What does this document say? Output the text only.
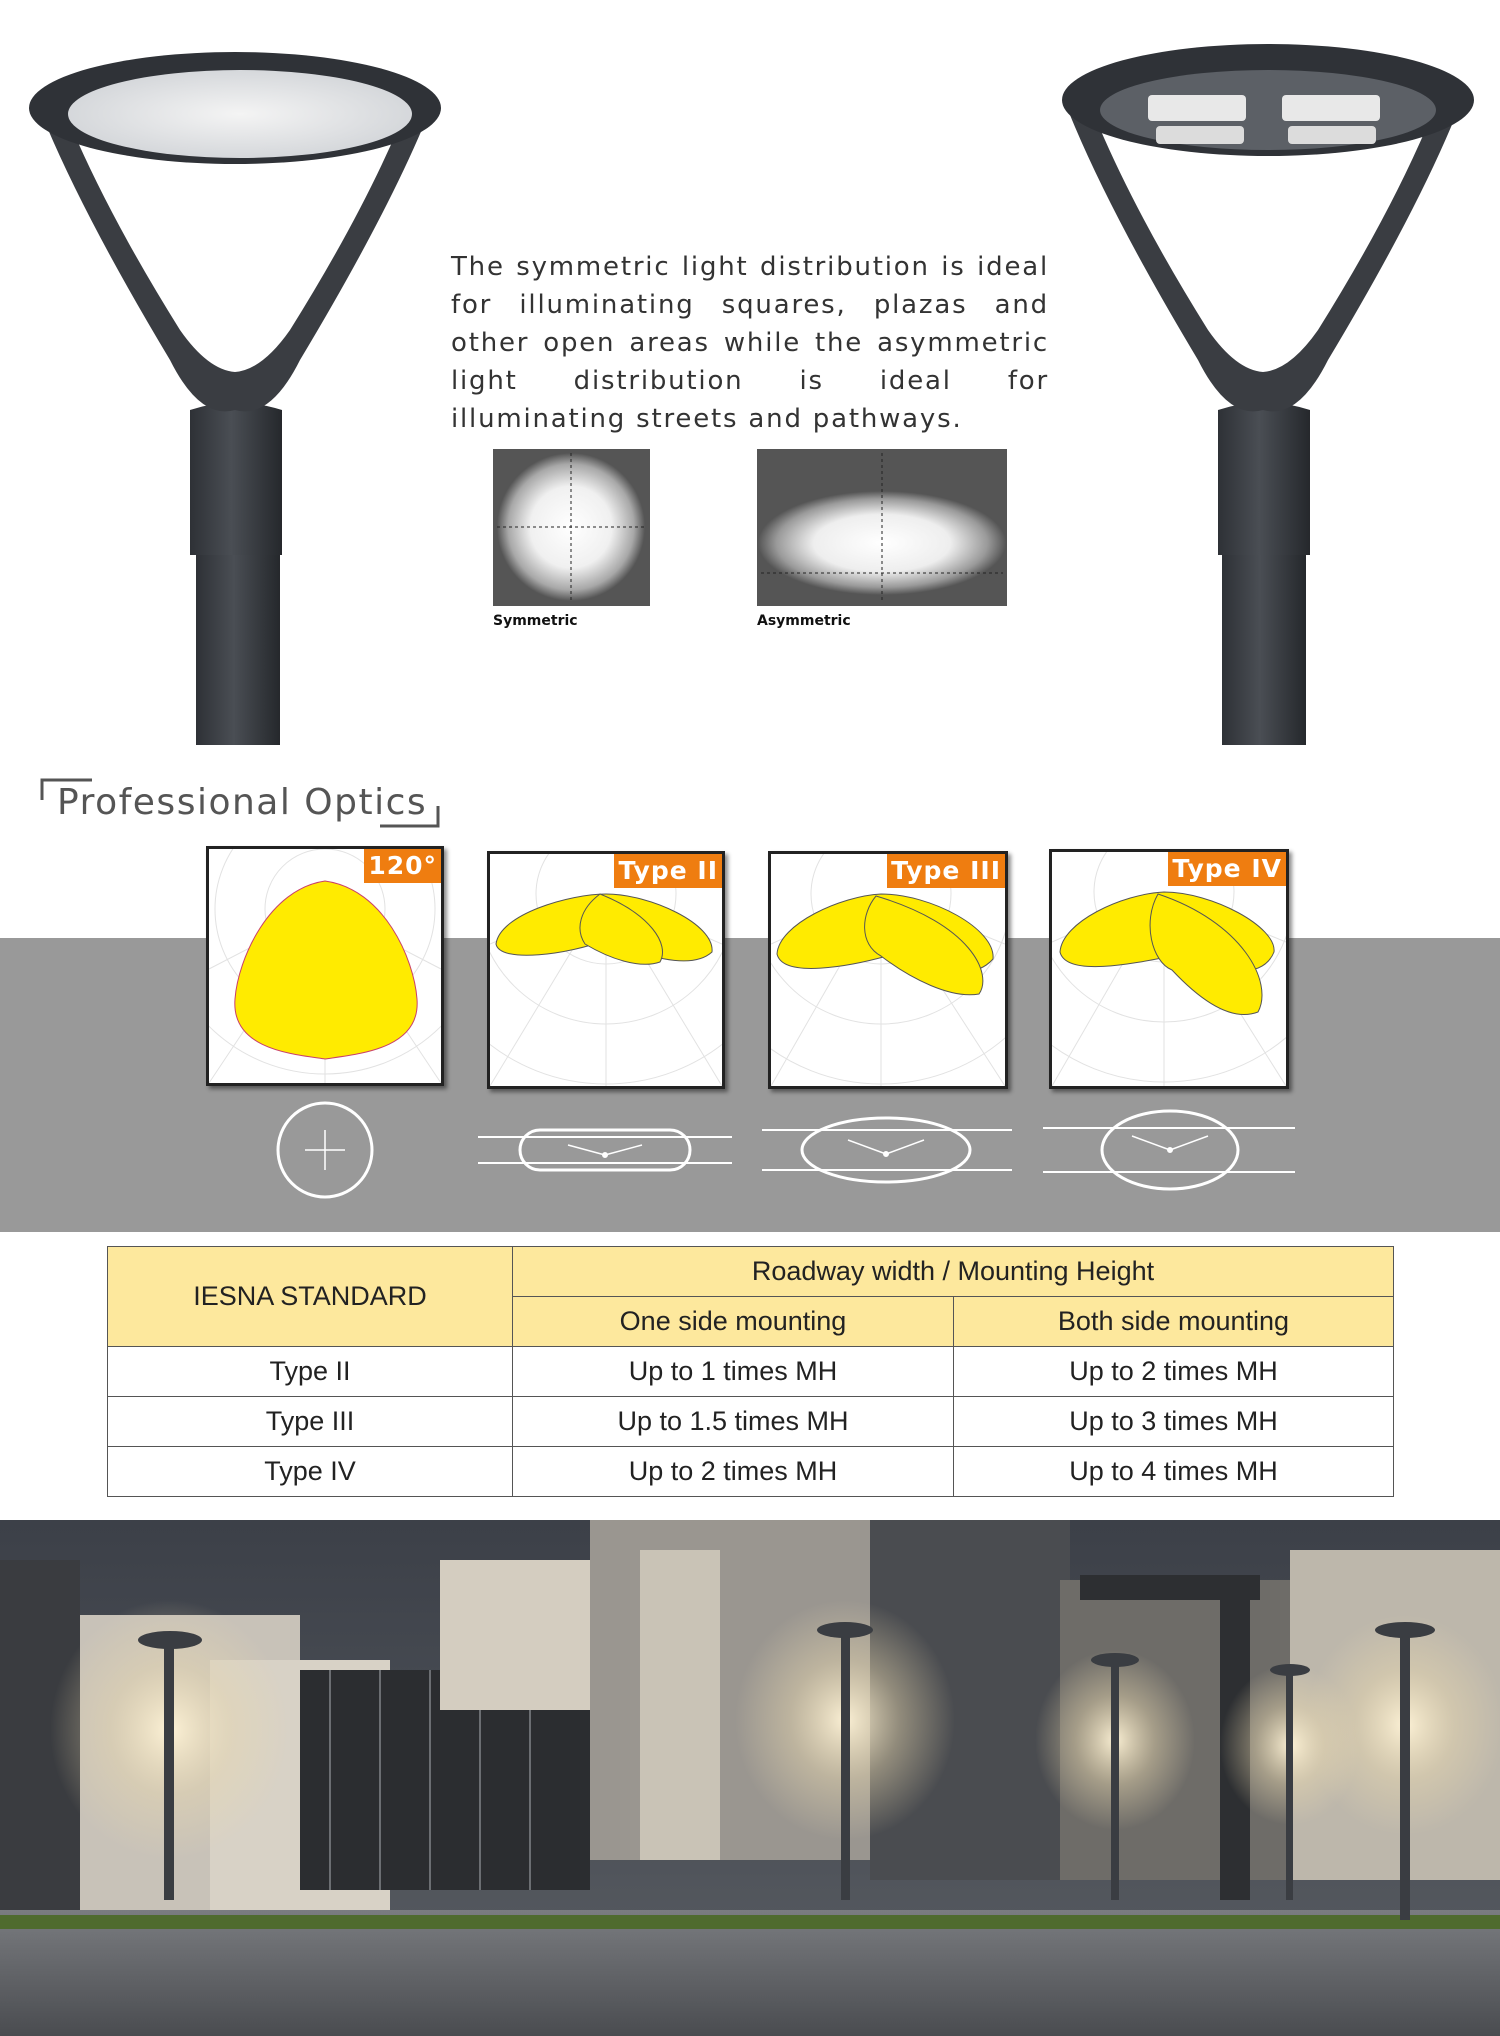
The symmetric light distribution is ideal for illuminating squares, plazas and other open areas while the asymmetric light distribution is ideal for illuminating streets and pathways.
Symmetric	Asymmetric
Professional Optics
120°	Type II	Type III	Type IV
IESNA STANDARD	Roadway width / Mounting Height	
	One side mounting	Both side mounting
Type II	Up to 1 times MH	Up to 2 times MH
Type III	Up to 1.5 times MH	Up to 3 times MH
Type IV	Up to 2 times MH	Up to 4 times MH
